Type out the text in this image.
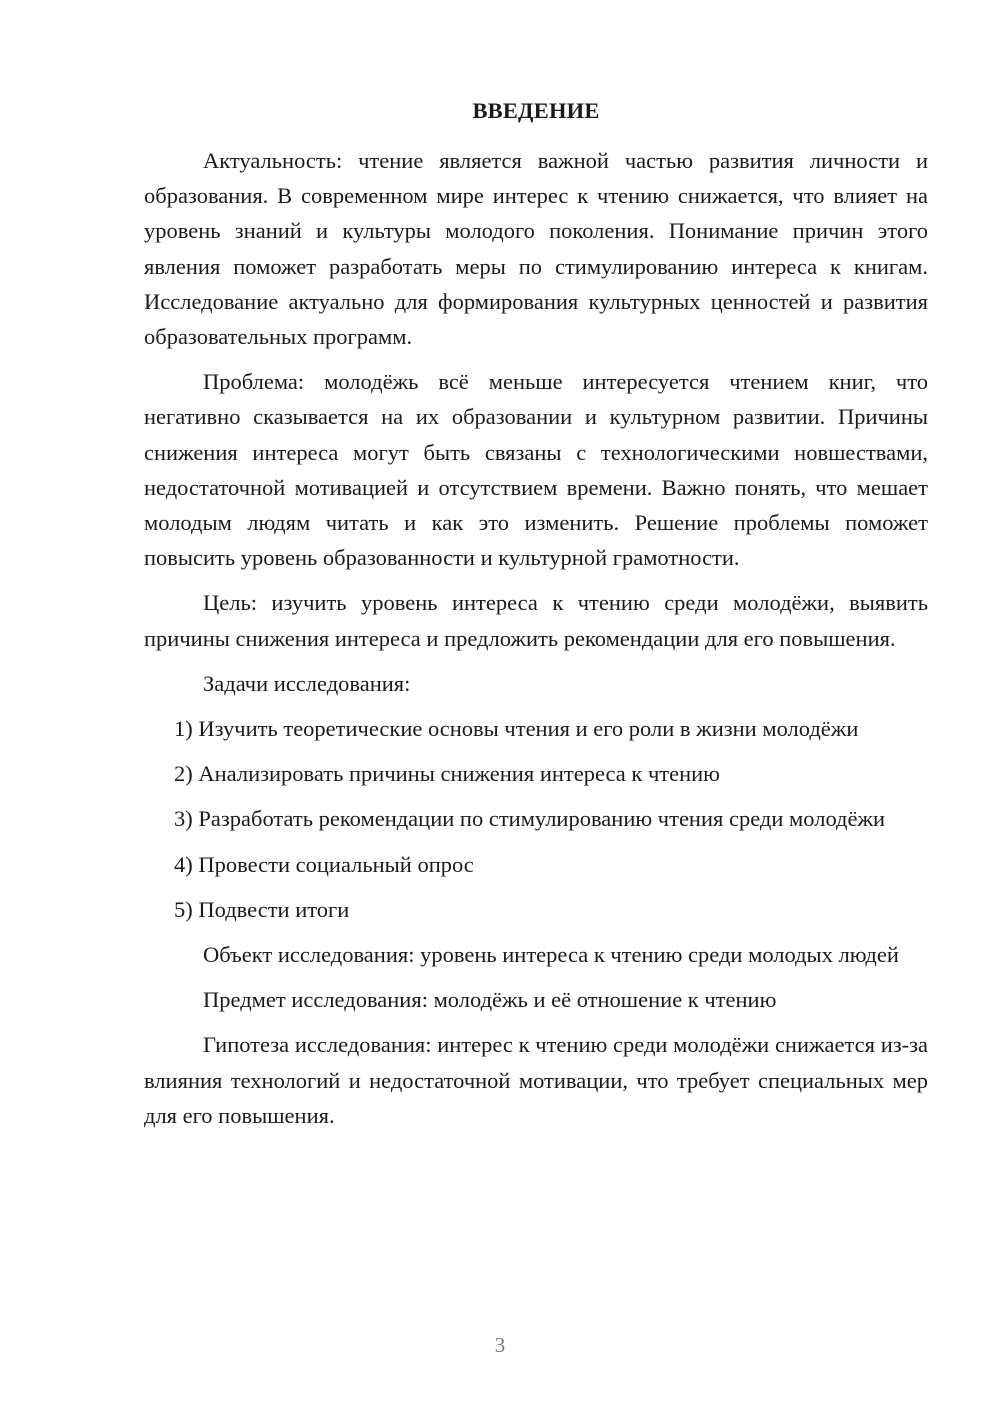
ВВЕДЕНИЕ

Актуальность: чтение является важной частью развития личности и образования. В современном мире интерес к чтению снижается, что влияет на уровень знаний и культуры молодого поколения. Понимание причин этого явления поможет разработать меры по стимулированию интереса к книгам. Исследование актуально для формирования культурных ценностей и развития образовательных программ.

Проблема: молодёжь всё меньше интересуется чтением книг, что негативно сказывается на их образовании и культурном развитии. Причины снижения интереса могут быть связаны с технологическими новшествами, недостаточной мотивацией и отсутствием времени. Важно понять, что мешает молодым людям читать и как это изменить. Решение проблемы поможет повысить уровень образованности и культурной грамотности.

Цель: изучить уровень интереса к чтению среди молодёжи, выявить причины снижения интереса и предложить рекомендации для его повышения.

Задачи исследования:

1) Изучить теоретические основы чтения и его роли в жизни молодёжи

2) Анализировать причины снижения интереса к чтению

3) Разработать рекомендации по стимулированию чтения среди молодёжи

4) Провести социальный опрос

5) Подвести итоги

Объект исследования: уровень интереса к чтению среди молодых людей

Предмет исследования: молодёжь и её отношение к чтению

Гипотеза исследования: интерес к чтению среди молодёжи снижается из-за влияния технологий и недостаточной мотивации, что требует специальных мер для его повышения.

3
